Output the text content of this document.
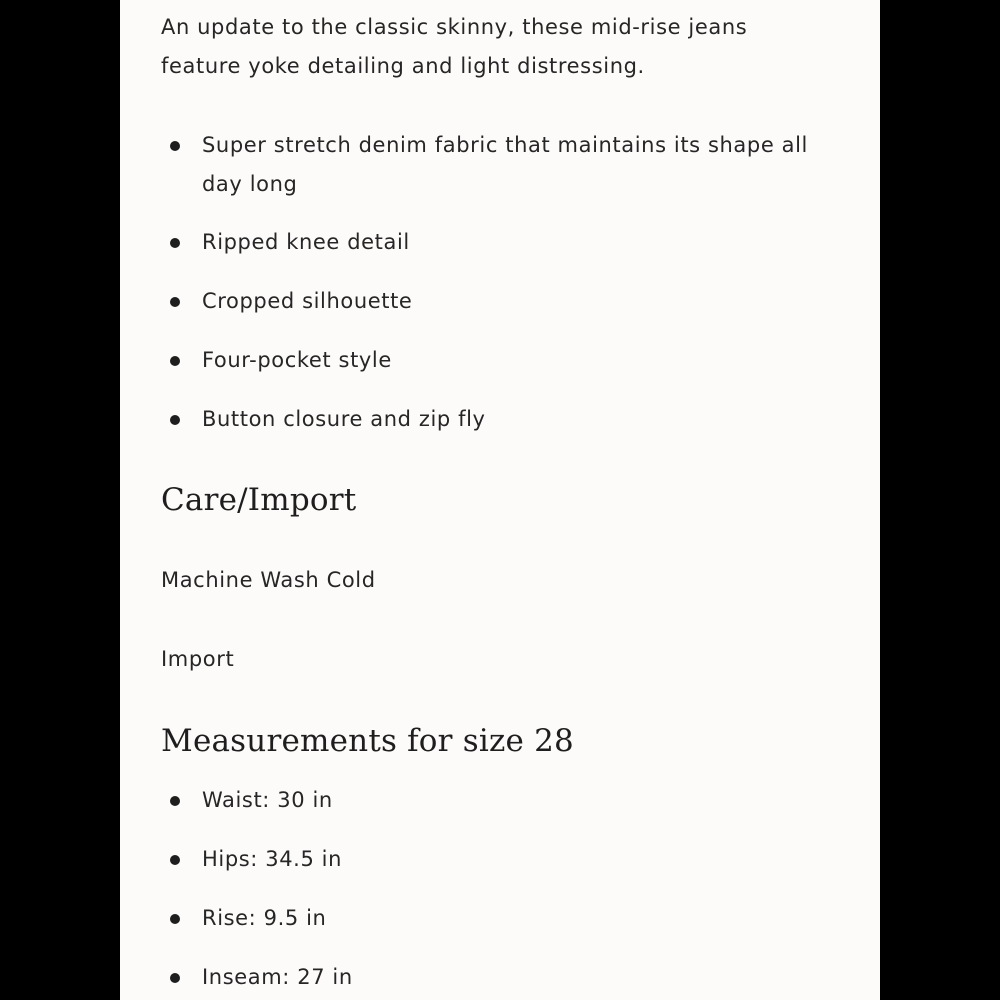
An update to the classic skinny, these mid-rise jeans feature yoke detailing and light distressing.

Super stretch denim fabric that maintains its shape all day long
Ripped knee detail
Cropped silhouette
Four-pocket style
Button closure and zip fly
Care/Import

Machine Wash Cold

Import

Measurements for size 28
Waist: 30 in
Hips: 34.5 in
Rise: 9.5 in
Inseam: 27 in
